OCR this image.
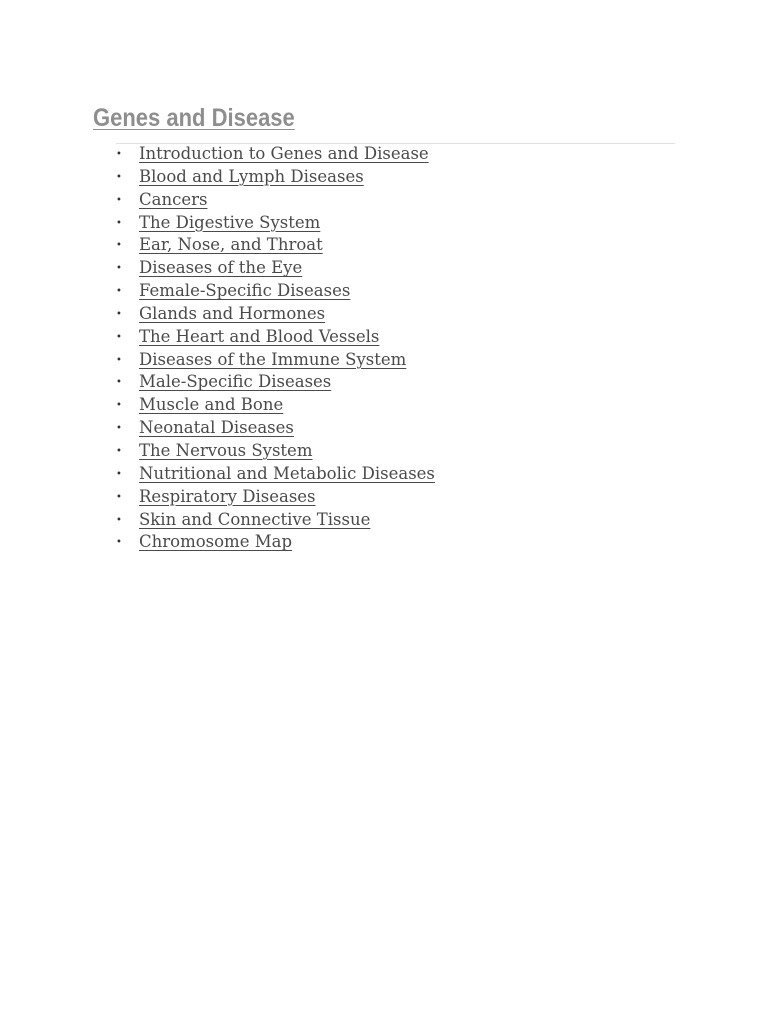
Genes and Disease
• Introduction to Genes and Disease
• Blood and Lymph Diseases
• Cancers
• The Digestive System
• Ear, Nose, and Throat
• Diseases of the Eye
• Female-Specific Diseases
• Glands and Hormones
• The Heart and Blood Vessels
• Diseases of the Immune System
• Male-Specific Diseases
• Muscle and Bone
• Neonatal Diseases
• The Nervous System
• Nutritional and Metabolic Diseases
• Respiratory Diseases
• Skin and Connective Tissue
• Chromosome Map
